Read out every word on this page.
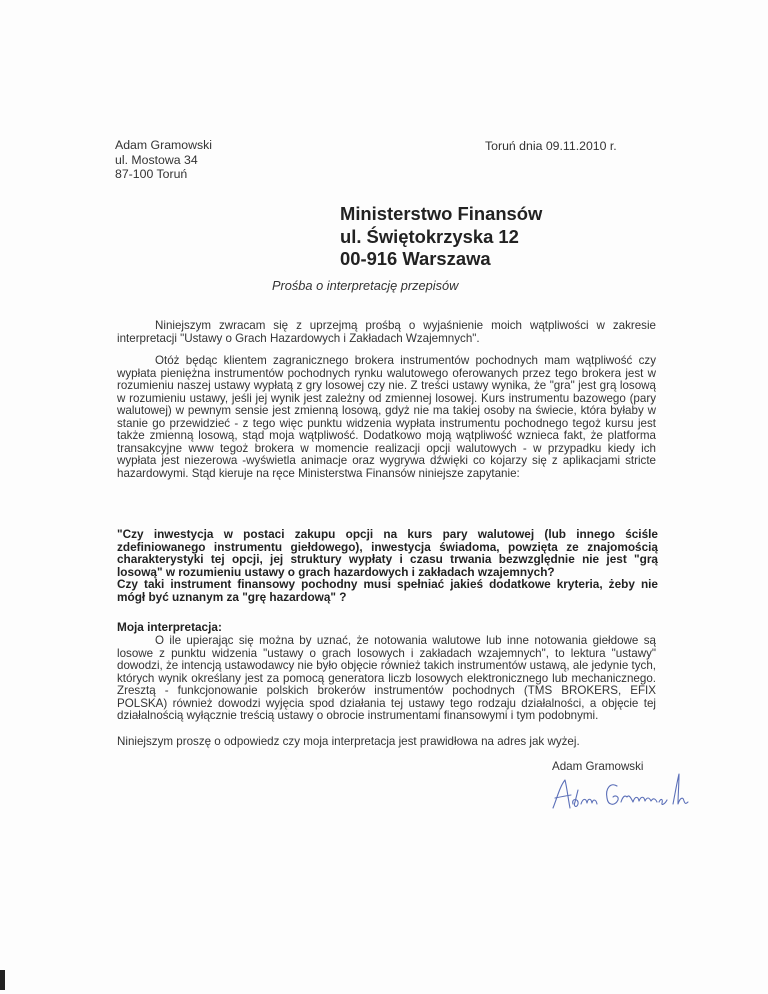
Adam Gramowski
ul. Mostowa 34
87-100 Toruń
Toruń dnia 09.11.2010 r.
Ministerstwo Finansów
ul. Świętokrzyska 12
00-916 Warszawa
Prośba o interpretację przepisów

Niniejszym zwracam się z uprzejmą prośbą o wyjaśnienie moich wątpliwości w zakresie interpretacji "Ustawy o Grach Hazardowych i Zakładach Wzajemnych".

Otóż będąc klientem zagranicznego brokera instrumentów pochodnych mam wątpliwość czy wypłata pieniężna instrumentów pochodnych rynku walutowego oferowanych przez tego brokera jest w rozumieniu naszej ustawy wypłatą z gry losowej czy nie. Z treści ustawy wynika, że "gra" jest grą losową w rozumieniu ustawy, jeśli jej wynik jest zależny od zmiennej losowej. Kurs instrumentu bazowego (pary walutowej) w pewnym sensie jest zmienną losową, gdyż nie ma takiej osoby na świecie, która byłaby w stanie go przewidzieć - z tego więc punktu widzenia wypłata instrumentu pochodnego tegoż kursu jest także zmienną losową, stąd moja wątpliwość. Dodatkowo moją wątpliwość wznieca fakt, że platforma transakcyjne www tegoż brokera w momencie realizacji opcji walutowych - w przypadku kiedy ich wypłata jest niezerowa -wyświetla animacje oraz wygrywa dźwięki co kojarzy się z aplikacjami stricte hazardowymi. Stąd kieruje na ręce Ministerstwa Finansów niniejsze zapytanie:

"Czy inwestycja w postaci zakupu opcji na kurs pary walutowej (lub innego ściśle zdefiniowanego instrumentu giełdowego), inwestycja świadoma, powzięta ze znajomością charakterystyki tej opcji, jej struktury wypłaty i czasu trwania bezwzględnie nie jest "grą losową" w rozumieniu ustawy o grach hazardowych i zakładach wzajemnych?

Czy taki instrument finansowy pochodny musi spełniać jakieś dodatkowe kryteria, żeby nie mógł być uznanym za "grę hazardową" ?

Moja interpretacja:

O ile upierając się można by uznać, że notowania walutowe lub inne notowania giełdowe są losowe z punktu widzenia "ustawy o grach losowych i zakładach wzajemnych", to lektura "ustawy" dowodzi, że intencją ustawodawcy nie było objęcie również takich instrumentów ustawą, ale jedynie tych, których wynik określany jest za pomocą generatora liczb losowych elektronicznego lub mechanicznego. Zresztą - funkcjonowanie polskich brokerów instrumentów pochodnych (TMS BROKERS, EFIX POLSKA) również dowodzi wyjęcia spod działania tej ustawy tego rodzaju działalności, a objęcie tej działalnością wyłącznie treścią ustawy o obrocie instrumentami finansowymi i tym podobnymi.

Niniejszym proszę o odpowiedz czy moja interpretacja jest prawidłowa na adres jak wyżej.

Adam Gramowski
